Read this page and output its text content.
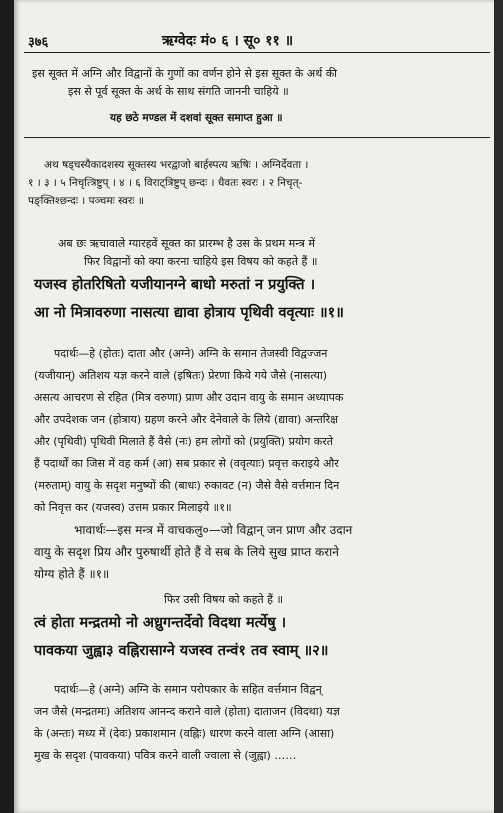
३७६	ऋग्वेदः मं० ६ । सू० ११ ॥
इस सूक्त में अग्नि और विद्वानों के गुणों का वर्णन होने से इस सूक्त के अर्थ की
इस से पूर्व सूक्त के अर्थ के साथ संगति जाननी चाहिये ॥
यह छठे मण्डल में दशवां सूक्त समाप्त हुआ ॥
अथ षड्चस्यैकादशस्य सूक्तस्य भरद्वाजो बार्हस्पत्य ऋषिः । अग्निर्देवता ।
१ । ३ । ५ निचृत्त्रिष्टुप् । ४ । ६ विराट्त्रिष्टुप् छन्दः । धैवतः स्वरः । २ निचृत्-
पङ्क्तिश्छन्दः । पञ्चमः स्वरः ॥
अब छः ऋचावाले ग्यारहवें सूक्त का प्रारम्भ है उस के प्रथम मन्त्र में
फिर विद्वानों को क्या करना चाहिये इस विषय को कहते हैं ॥
यजस्व होतरिषितो यजीयानग्ने बाधो मरुतां न प्रयुक्ति ।
आ नो मित्रावरुणा नासत्या द्यावा होत्राय पृथिवी ववृत्याः ॥१॥
पदार्थः—हे (होतः) दाता और (अग्ने) अग्नि के समान तेजस्वी विद्वज्जन
(यजीयान्) अतिशय यज्ञ करने वाले (इषितः) प्रेरणा किये गये जैसे (नासत्या)
असत्य आचरण से रहित (मित्र वरुणा) प्राण और उदान वायु के समान अध्यापक
और उपदेशक जन (होत्राय) ग्रहण करने और देनेवाले के लिये (द्यावा) अन्तरिक्ष
और (पृथिवी) पृथिवी मिलाते हैं वैसे (नः) हम लोगों को (प्रयुक्ति) प्रयोग करते
हैं पदार्थों का जिस में वह कर्म (आ) सब प्रकार से (ववृत्याः) प्रवृत्त कराइये और
(मरुताम्) वायु के सदृश मनुष्यों की (बाधः) रुकावट (न) जैसे वैसे वर्त्तमान दिन
को निवृत्त कर (यजस्व) उत्तम प्रकार मिलाइये ॥१॥
भावार्थः—इस मन्त्र में वाचकलु०—जो विद्वान् जन प्राण और उदान
वायु के सदृश प्रिय और पुरुषार्थी होते हैं वे सब के लिये सुख प्राप्त कराने
योग्य होते हैं ॥१॥
फिर उसी विषय को कहते हैं ॥
त्वं होता मन्द्रतमो नो अध्रुगन्तर्देवो विदथा मर्त्येषु ।
पावकया जुह्वा३ वह्निरासाग्ने यजस्व तन्वं१ तव स्वाम् ॥२॥
पदार्थः—हे (अग्ने) अग्नि के समान परोपकार के सहित वर्त्तमान विद्वन्
जन जैसे (मन्द्रतमः) अतिशय आनन्द कराने वाले (होता) दाताजन (विदथा) यज्ञ
के (अन्तः) मध्य में (देवः) प्रकाशमान (वह्निः) धारण करने वाला अग्नि (आसा)
मुख के सदृश (पावकया) पवित्र करने वाली ज्वाला से (जुह्वा) ……
